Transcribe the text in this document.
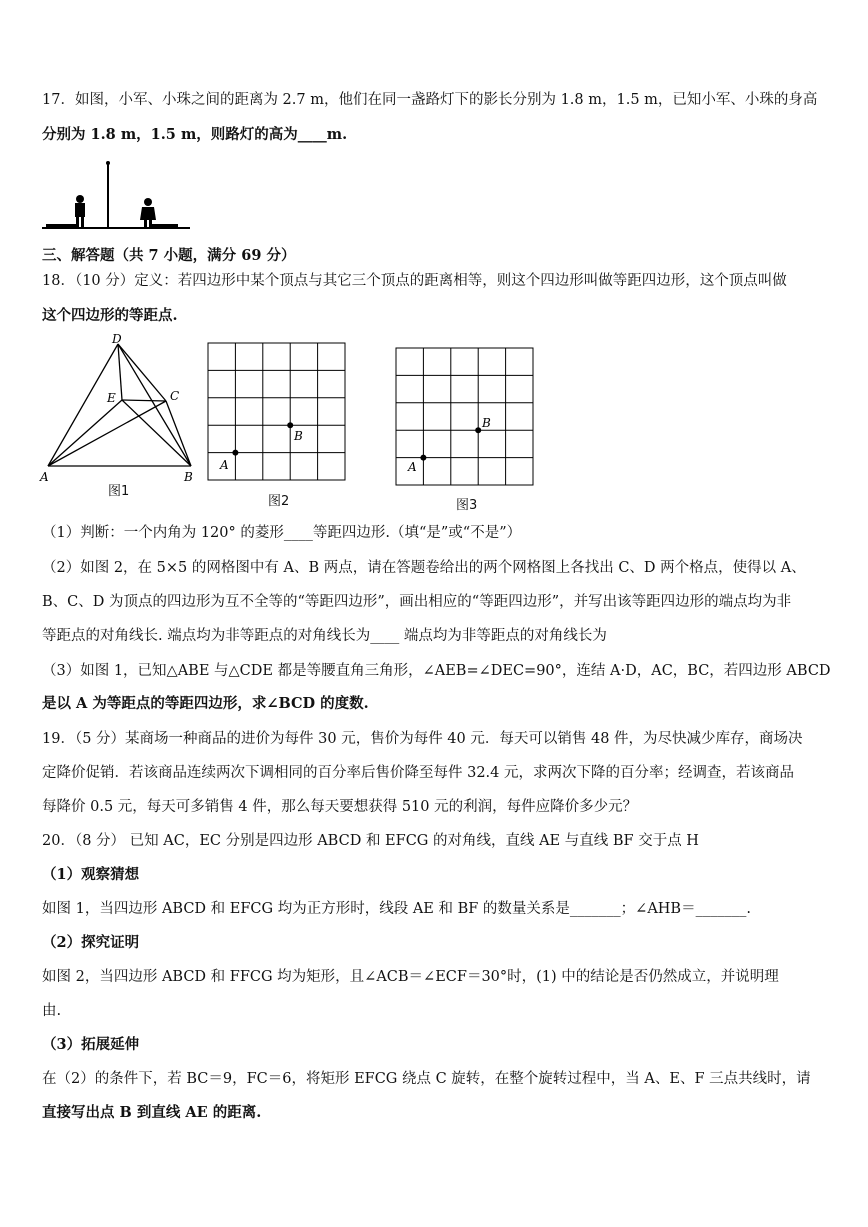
17．如图，小军、小珠之间的距离为 2.7 m，他们在同一盏路灯下的影长分别为 1.8 m，1.5 m，已知小军、小珠的身高
分别为 1.8 m，1.5 m，则路灯的高为____m.
三、解答题（共 7 小题，满分 69 分）
18．（10 分）定义：若四边形中某个顶点与其它三个顶点的距离相等，则这个四边形叫做等距四边形，这个顶点叫做
这个四边形的等距点.
A	B
C
D
E
图1
A
B
图2
A
B
图3
（1）判断：一个内角为 120° 的菱形____等距四边形.（填“是”或“不是”）
（2）如图 2，在 5×5 的网格图中有 A、B 两点，请在答题卷给出的两个网格图上各找出 C、D 两个格点，使得以 A、
B、C、D 为顶点的四边形为互不全等的“等距四边形”，画出相应的“等距四边形”，并写出该等距四边形的端点均为非
等距点的对角线长. 端点均为非等距点的对角线长为____ 端点均为非等距点的对角线长为
（3）如图 1，已知△ABE 与△CDE 都是等腰直角三角形，∠AEB=∠DEC=90°，连结 A·D，AC，BC，若四边形 ABCD
是以 A 为等距点的等距四边形，求∠BCD 的度数.
19．（5 分）某商场一种商品的进价为每件 30 元，售价为每件 40 元．每天可以销售 48 件，为尽快减少库存，商场决
定降价促销．若该商品连续两次下调相同的百分率后售价降至每件 32.4 元，求两次下降的百分率；经调查，若该商品
每降价 0.5 元，每天可多销售 4 件，那么每天要想获得 510 元的利润，每件应降价多少元？
20．（8 分） 已知 AC，EC 分别是四边形 ABCD 和 EFCG 的对角线，直线 AE 与直线 BF 交于点 H
（1）观察猜想
如图 1，当四边形 ABCD 和 EFCG 均为正方形时，线段 AE 和 BF 的数量关系是_______；∠AHB＝_______.
（2）探究证明
如图 2，当四边形 ABCD 和 FFCG 均为矩形，且∠ACB＝∠ECF＝30°时，(1) 中的结论是否仍然成立，并说明理
由.
（3）拓展延伸
在（2）的条件下，若 BC＝9，FC＝6，将矩形 EFCG 绕点 C 旋转，在整个旋转过程中，当 A、E、F 三点共线时，请
直接写出点 B 到直线 AE 的距离.
